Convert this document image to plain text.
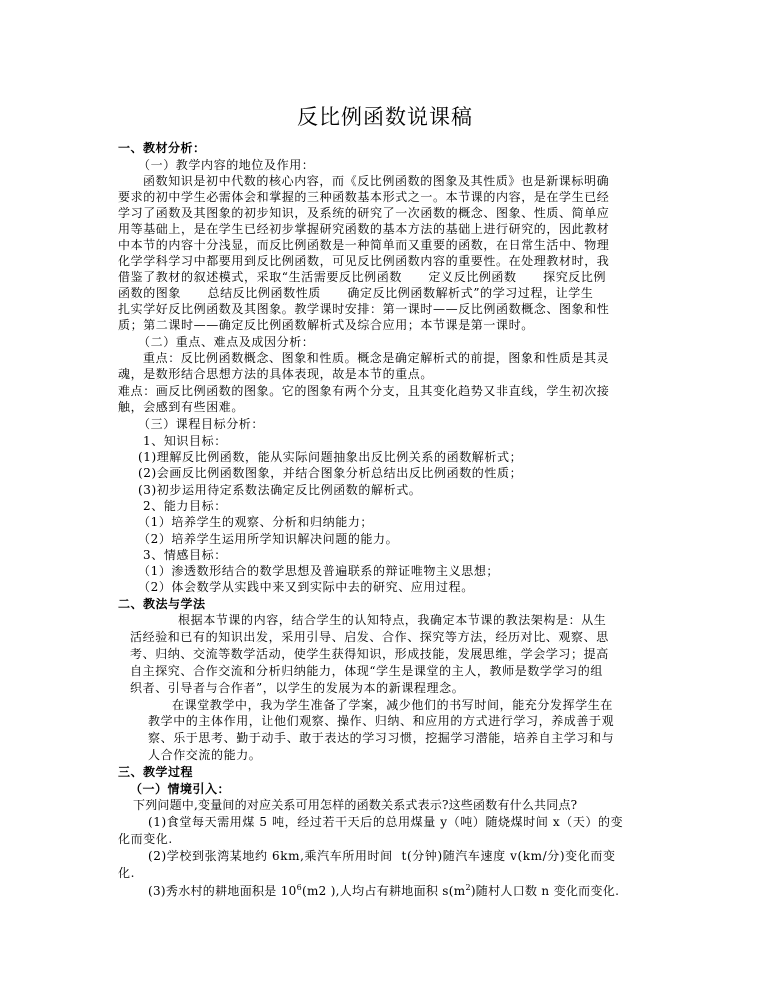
反比例函数说课稿
一、教材分析：
（一）教学内容的地位及作用：
函数知识是初中代数的核心内容，而《反比例函数的图象及其性质》也是新课标明确
要求的初中学生必需体会和掌握的三种函数基本形式之一。本节课的内容，是在学生已经
学习了函数及其图象的初步知识，及系统的研究了一次函数的概念、图象、性质、简单应
用等基础上，是在学生已经初步掌握研究函数的基本方法的基础上进行研究的，因此教材
中本节的内容十分浅显，而反比例函数是一种简单而又重要的函数，在日常生活中、物理
化学学科学习中都要用到反比例函数，可见反比例函数内容的重要性。在处理教材时，我
借鉴了教材的叙述模式，采取“生活需要反比例函数      定义反比例函数      探究反比例
函数的图象      总结反比例函数性质      确定反比例函数解析式”的学习过程，让学生
扎实学好反比例函数及其图象。教学课时安排：第一课时——反比例函数概念、图象和性
质；第二课时——确定反比例函数解析式及综合应用；本节课是第一课时。
（二）重点、难点及成因分析：
重点：反比例函数概念、图象和性质。概念是确定解析式的前提，图象和性质是其灵
魂，是数形结合思想方法的具体表现，故是本节的重点。
难点：画反比例函数的图象。它的图象有两个分支，且其变化趋势又非直线，学生初次接
触，会感到有些困难。
（三）课程目标分析：
1、知识目标：
(1)理解反比例函数，能从实际问题抽象出反比例关系的函数解析式；
(2)会画反比例函数图象，并结合图象分析总结出反比例函数的性质；
(3)初步运用待定系数法确定反比例函数的解析式。
2、能力目标：
（1）培养学生的观察、分析和归纳能力；
（2）培养学生运用所学知识解决问题的能力。
3、情感目标：
（1）渗透数形结合的数学思想及普遍联系的辩证唯物主义思想；
（2）体会数学从实践中来又到实际中去的研究、应用过程。
二、教法与学法
根据本节课的内容，结合学生的认知特点，我确定本节课的教法架构是：从生
活经验和已有的知识出发，采用引导、启发、合作、探究等方法，经历对比、观察、思
考、归纳、交流等数学活动，使学生获得知识，形成技能，发展思维，学会学习；提高
自主探究、合作交流和分析归纳能力，体现“学生是课堂的主人，教师是数学学习的组
织者、引导者与合作者”，以学生的发展为本的新课程理念。
在课堂教学中，我为学生准备了学案，减少他们的书写时间，能充分发挥学生在
教学中的主体作用，让他们观察、操作、归纳、和应用的方式进行学习，养成善于观
察、乐于思考、勤于动手、敢于表达的学习习惯，挖掘学习潜能，培养自主学习和与
人合作交流的能力。
三、教学过程
（一）情境引入：
下列问题中,变量间的对应关系可用怎样的函数关系式表示?这些函数有什么共同点?
(1)食堂每天需用煤 5 吨，经过若干天后的总用煤量 y（吨）随烧煤时间 x（天）的变
化而变化.
(2)学校到张湾某地约 6km,乘汽车所用时间  t(分钟)随汽车速度 v(km/分)变化而变
化.
(3)秀水村的耕地面积是 $10^6(m2$ ),人均占有耕地面积 $s(m^2)$随村人口数 n 变化而变化.
